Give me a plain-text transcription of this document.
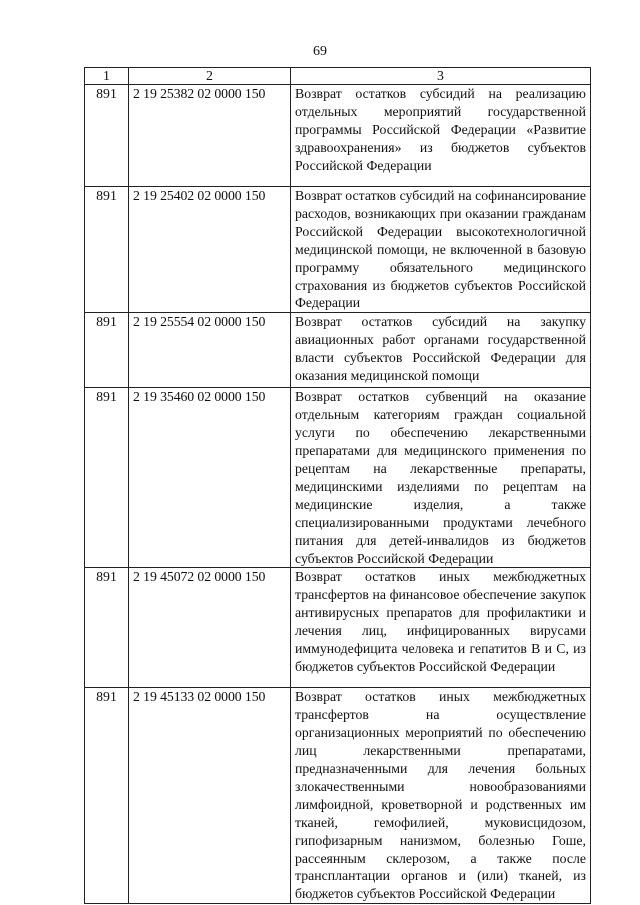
69
1	2	3
891	2 19 25382 02 0000 150	Возврат остатков субсидий на реализацию отдельных мероприятий государственной программы Российской Федерации «Развитие здравоохранения» из бюджетов субъектов Российской Федерации
891	2 19 25402 02 0000 150	Возврат остатков субсидий на софинансирование расходов, возникающих при оказании гражданам Российской Федерации высокотехнологичной медицинской помощи, не включенной в базовую программу обязательного медицинского страхования из бюджетов субъектов Российской Федерации
891	2 19 25554 02 0000 150	Возврат остатков субсидий на закупку авиационных работ органами государственной власти субъектов Российской Федерации для оказания медицинской помощи
891	2 19 35460 02 0000 150	Возврат остатков субвенций на оказание отдельным категориям граждан социальной услуги по обеспечению лекарственными препаратами для медицинского применения по рецептам на лекарственные препараты, медицинскими изделиями по рецептам на медицинские изделия, а также специализированными продуктами лечебного питания для детей-инвалидов из бюджетов субъектов Российской Федерации
891	2 19 45072 02 0000 150	Возврат остатков иных межбюджетных трансфертов на финансовое обеспечение закупок антивирусных препаратов для профилактики и лечения лиц, инфицированных вирусами иммунодефицита человека и гепатитов B и C, из бюджетов субъектов Российской Федерации
891	2 19 45133 02 0000 150	Возврат остатков иных межбюджетных трансфертов на осуществление организационных мероприятий по обеспечению лиц лекарственными препаратами, предназначенными для лечения больных злокачественными новообразованиями лимфоидной, кроветворной и родственных им тканей, гемофилией, муковисцидозом, гипофизарным нанизмом, болезнью Гоше, рассеянным склерозом, а также после трансплантации органов и (или) тканей, из бюджетов субъектов Российской Федерации
